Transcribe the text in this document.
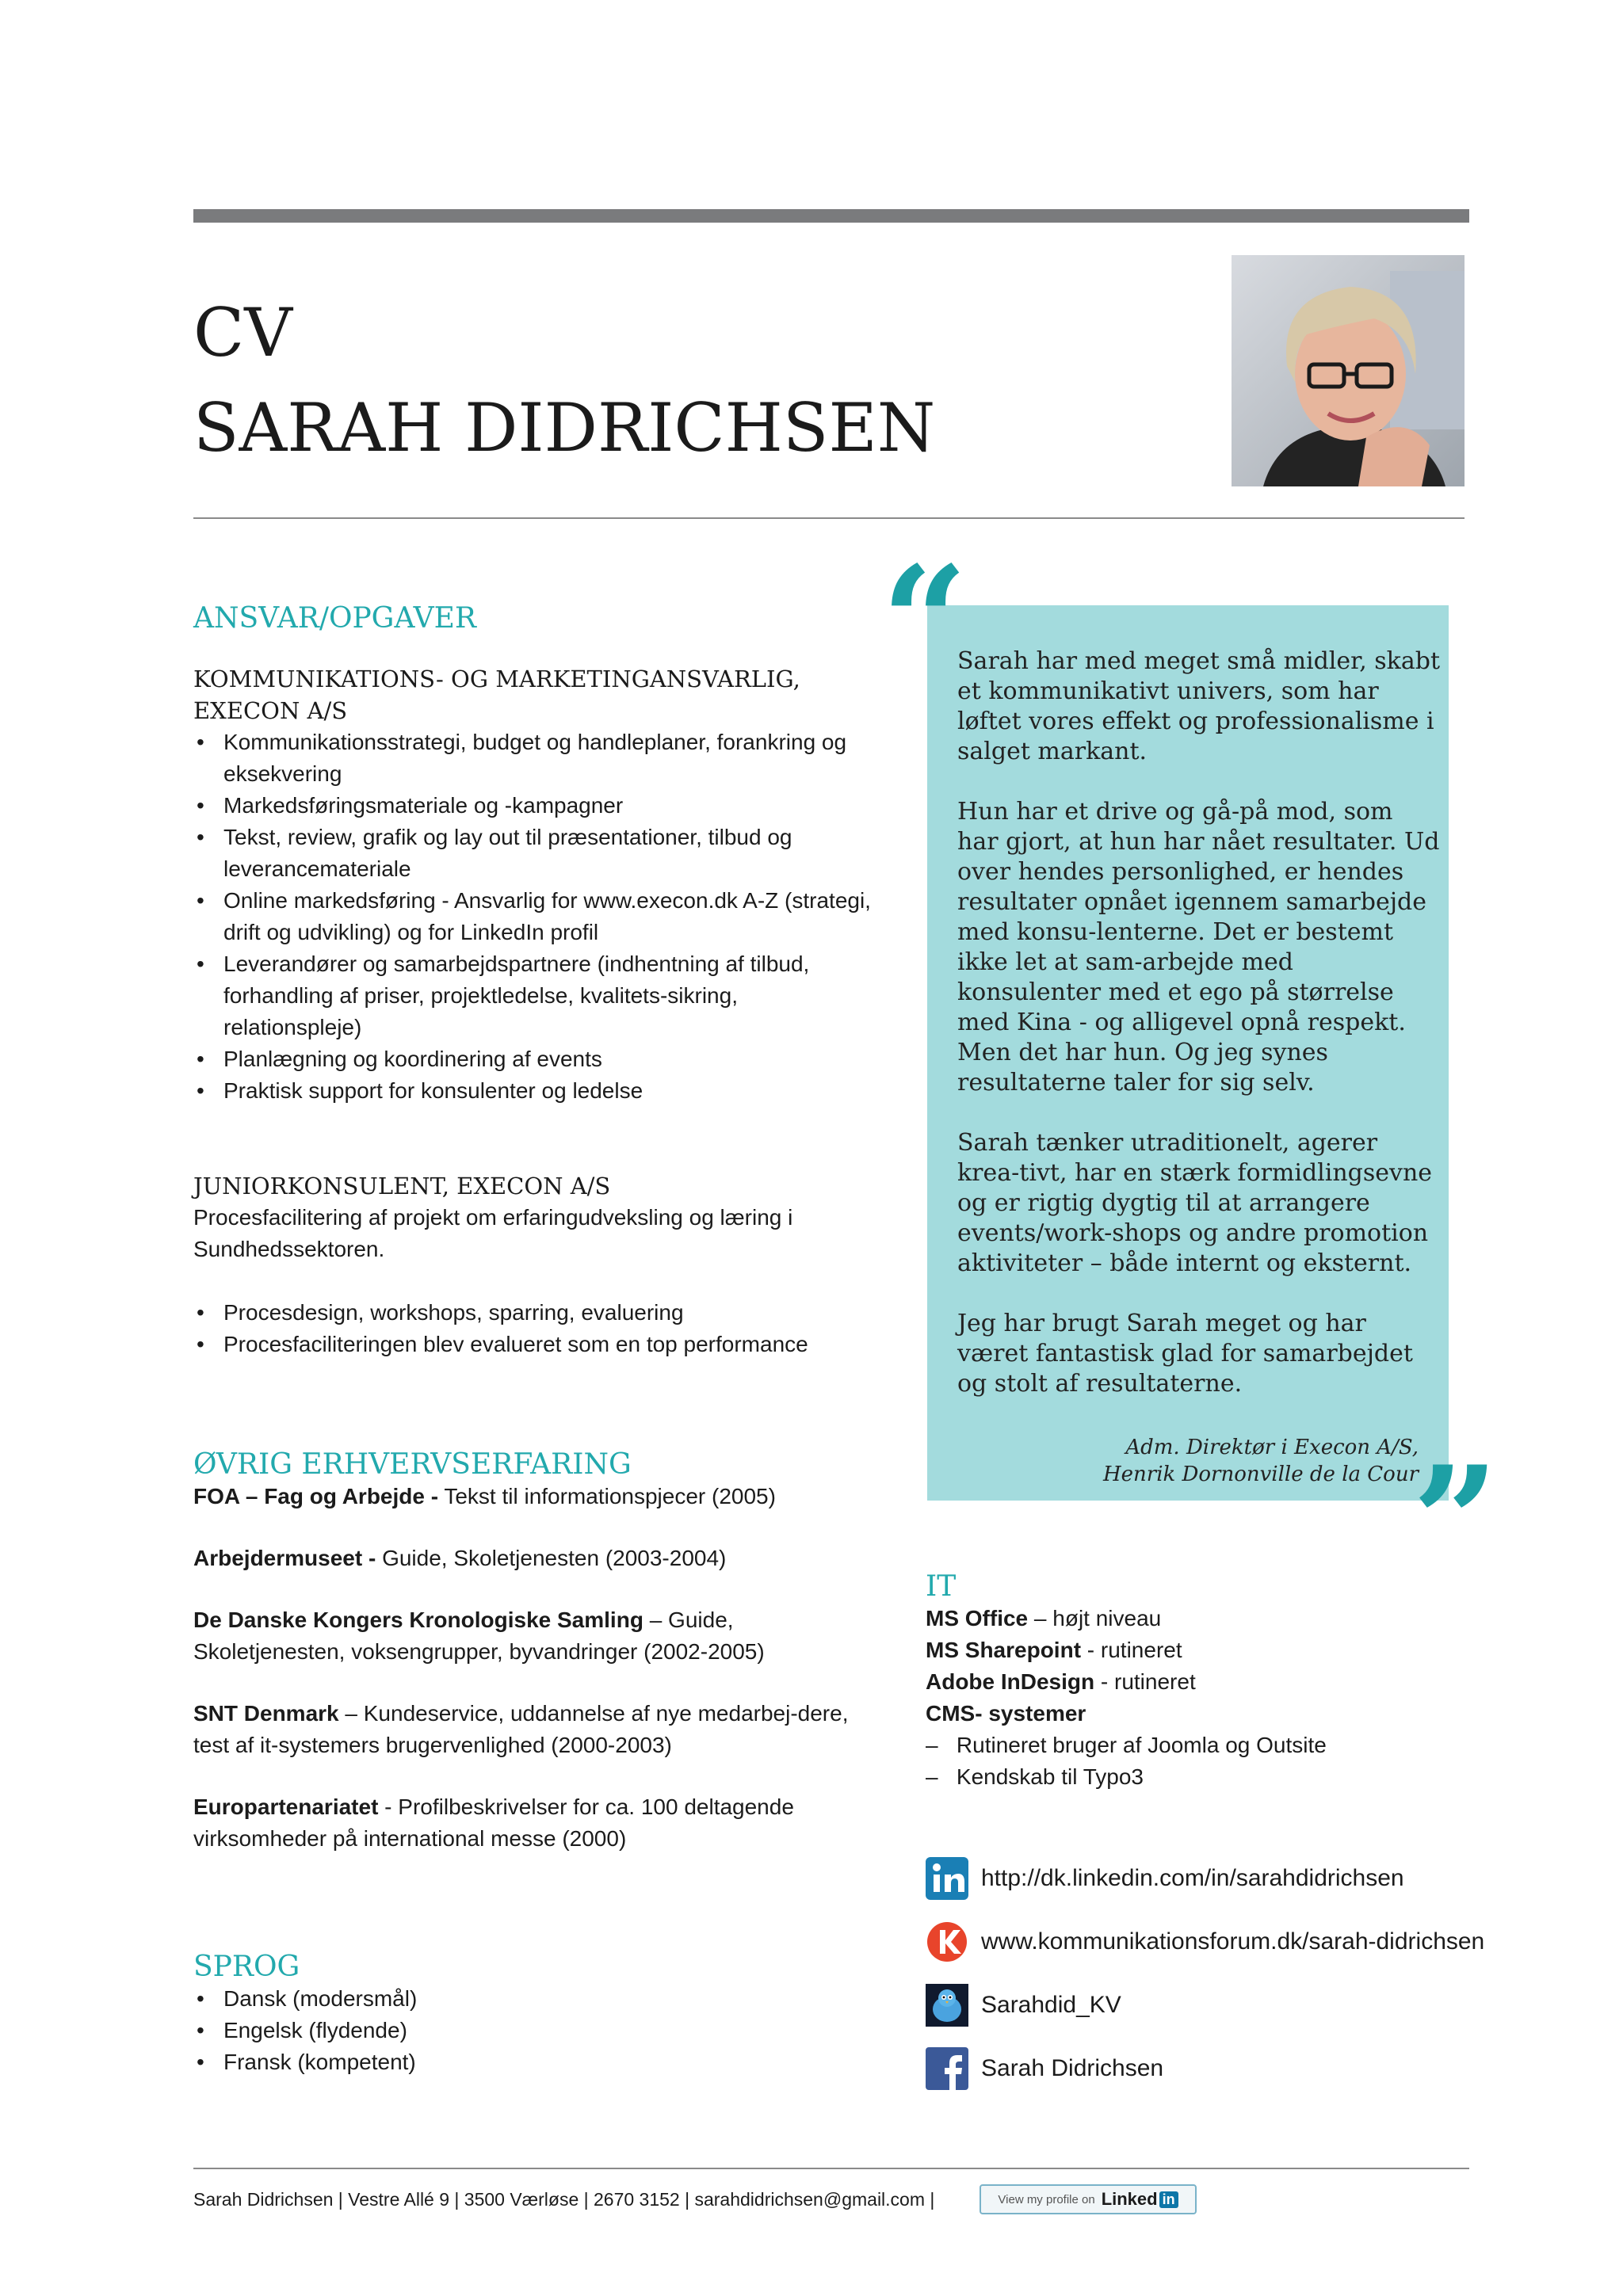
CV
SARAH DIDRICHSEN
ANSVAR/OPGAVER
KOMMUNIKATIONS- OG MARKETINGANSVARLIG,
EXECON A/S
• Kommunikationsstrategi, budget og handleplaner, forankring og eksekvering
• Markedsføringsmateriale og -kampagner
• Tekst, review, grafik og lay out til præsentationer, tilbud og leverancemateriale
• Online markedsføring - Ansvarlig for www.execon.dk A-Z (strategi, drift og udvikling) og for LinkedIn profil
• Leverandører og samarbejdspartnere (indhentning af tilbud, forhandling af priser, projektledelse, kvalitets-sikring, relationspleje)
• Planlægning og koordinering af events
• Praktisk support for konsulenter og ledelse
JUNIORKONSULENT, EXECON A/S
Procesfacilitering af projekt om erfaringudveksling og læring i Sundhedssektoren.
• Procesdesign, workshops, sparring, evaluering
• Procesfaciliteringen blev evalueret som en top performance
ØVRIG ERHVERVSERFARING
FOA – Fag og Arbejde - Tekst til informationspjecer (2005)
Arbejdermuseet - Guide, Skoletjenesten (2003-2004)
De Danske Kongers Kronologiske Samling – Guide, Skoletjenesten, voksengrupper, byvandringer (2002-2005)
SNT Denmark – Kundeservice, uddannelse af nye medarbej-dere, test af it-systemers brugervenlighed (2000-2003)
Europartenariatet - Profilbeskrivelser for ca. 100 deltagende virksomheder på international messe (2000)
SPROG
• Dansk (modersmål)
• Engelsk (flydende)
• Fransk (kompetent)
“

Sarah har med meget små midler, skabt et kommunikativt univers, som har løftet vores effekt og professionalisme i salget markant.

Hun har et drive og gå-på mod, som har gjort, at hun har nået resultater. Ud over hendes personlighed, er hendes resultater opnået igennem samarbejde med konsu-lenterne. Det er bestemt ikke let at sam-arbejde med konsulenter med et ego på størrelse med Kina - og alligevel opnå respekt. Men det har hun. Og jeg synes resultaterne taler for sig selv.

Sarah tænker utraditionelt, agerer krea-tivt, har en stærk formidlingsevne og er rigtig dygtig til at arrangere events/work-shops og andre promotion aktiviteter – både internt og eksternt.

Jeg har brugt Sarah meget og har været fantastisk glad for samarbejdet og stolt af resultaterne.

Adm. Direktør i Execon A/S,
Henrik Dornonville de la Cour
”
IT
MS Office – højt niveau
MS Sharepoint - rutineret
Adobe InDesign - rutineret
CMS- systemer
–   Rutineret bruger af Joomla og Outsite
–   Kendskab til Typo3
http://dk.linkedin.com/in/sarahdidrichsen
www.kommunikationsforum.dk/sarah-didrichsen
Sarahdid_KV
Sarah Didrichsen
Sarah Didrichsen | Vestre Allé 9 | 3500 Værløse | 2670 3152 | sarahdidrichsen@gmail.com |	View my profile on Linked in
